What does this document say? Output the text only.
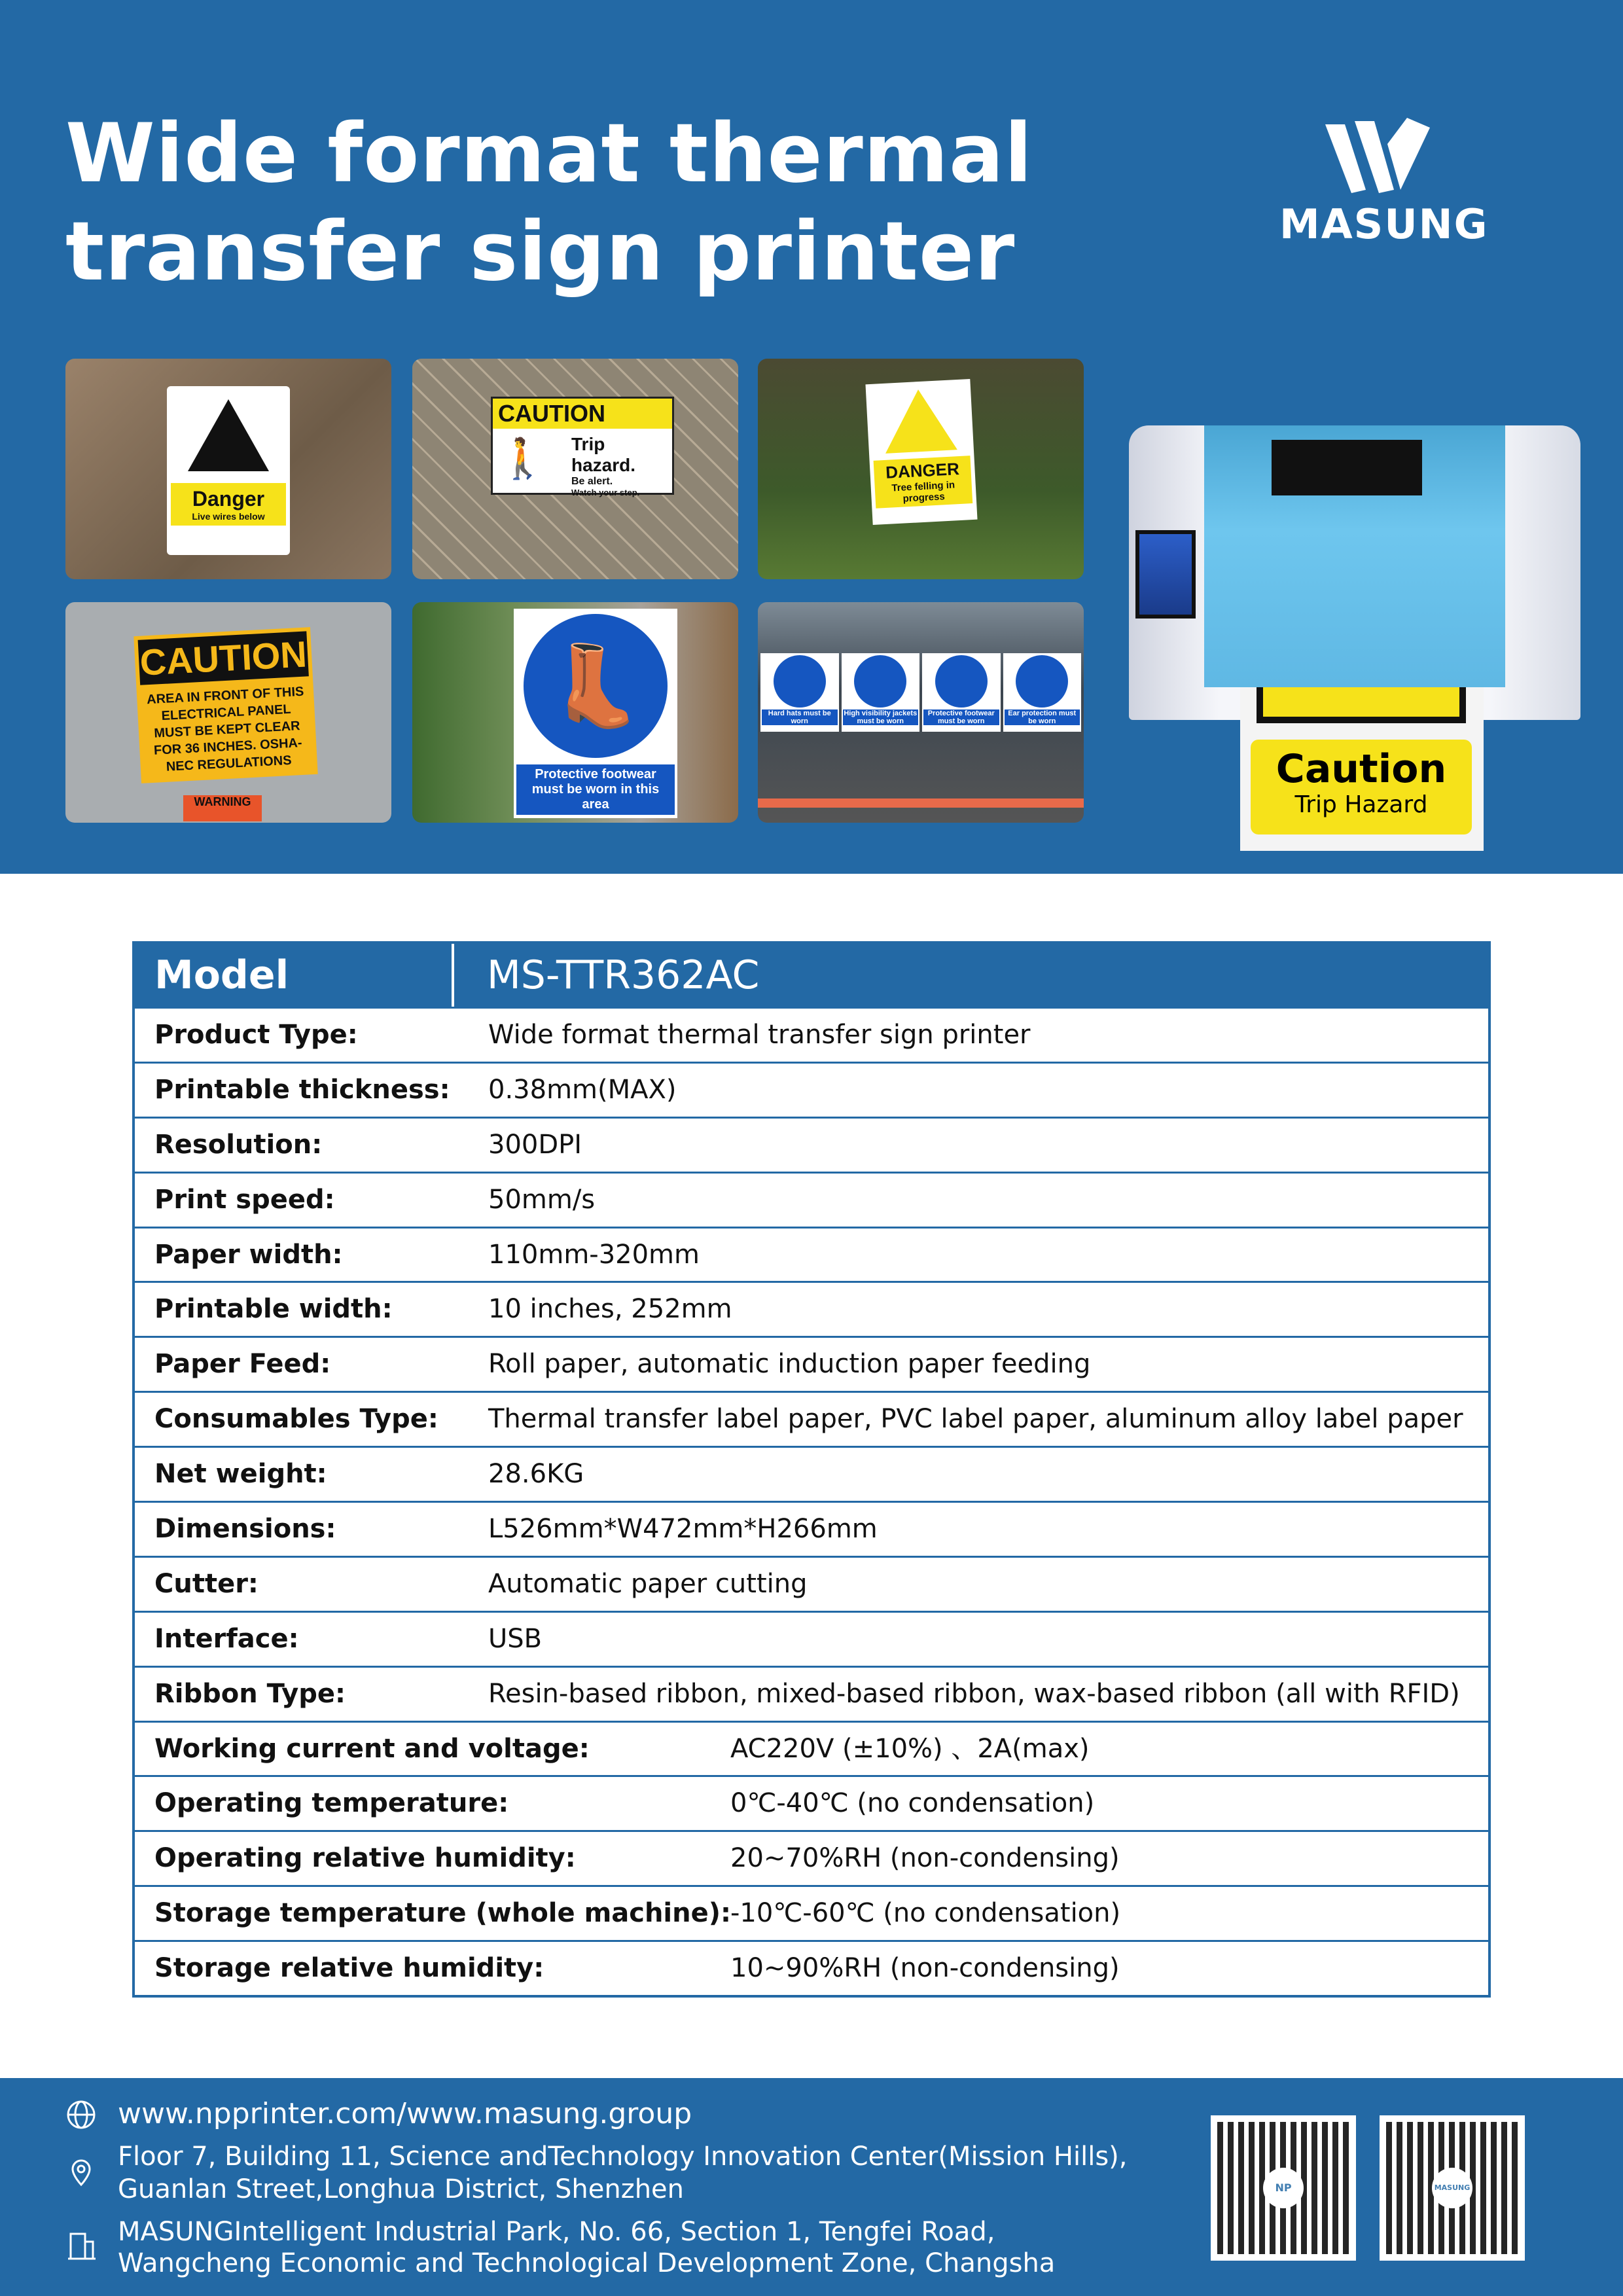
Wide format thermal
transfer sign printer	MASUNG
Danger
Live wires below
CAUTION
🚶 Trip hazard.
Be alert.
Watch your step.
DANGER
Tree felling in progress
CAUTION
AREA IN FRONT OF THIS ELECTRICAL PANEL MUST BE KEPT CLEAR FOR 36 INCHES. OSHA-NEC REGULATIONS
WARNING
👢
Protective footwear must be worn in this area
Hard hats must be worn
High visibility jackets must be worn
Protective footwear must be worn
Ear protection must be worn
Caution
Trip Hazard
Model	MS-TTR362AC
Product Type:	Wide format thermal transfer sign printer
Printable thickness: 0.38mm(MAX)
Resolution:	300DPI
Print speed:	50mm/s
Paper width:	110mm-320mm
Printable width:	10 inches, 252mm
Paper Feed:	Roll paper, automatic induction paper feeding
Consumables Type: Thermal transfer label paper, PVC label paper, aluminum alloy label paper
Net weight:	28.6KG
Dimensions:	L526mm*W472mm*H266mm
Cutter:	Automatic paper cutting
Interface:	USB
Ribbon Type:	Resin-based ribbon, mixed-based ribbon, wax-based ribbon (all with RFID)
Working current and voltage:	AC220V (±10%) 、2A(max)
Operating temperature:	0℃-40℃ (no condensation)
Operating relative humidity:	20~70%RH (non-condensing)
Storage temperature (whole machine):
-10℃-60℃ (no condensation)
Storage relative humidity:	10~90%RH (non-condensing)
www.npprinter.com/www.masung.group
Floor 7, Building 11, Science andTechnology Innovation Center(Mission Hills),
Guanlan Street,Longhua District, Shenzhen
MASUNGIntelligent Industrial Park, No. 66, Section 1, Tengfei Road,
Wangcheng Economic and Technological Development Zone, Changsha
NP	MASUNG
